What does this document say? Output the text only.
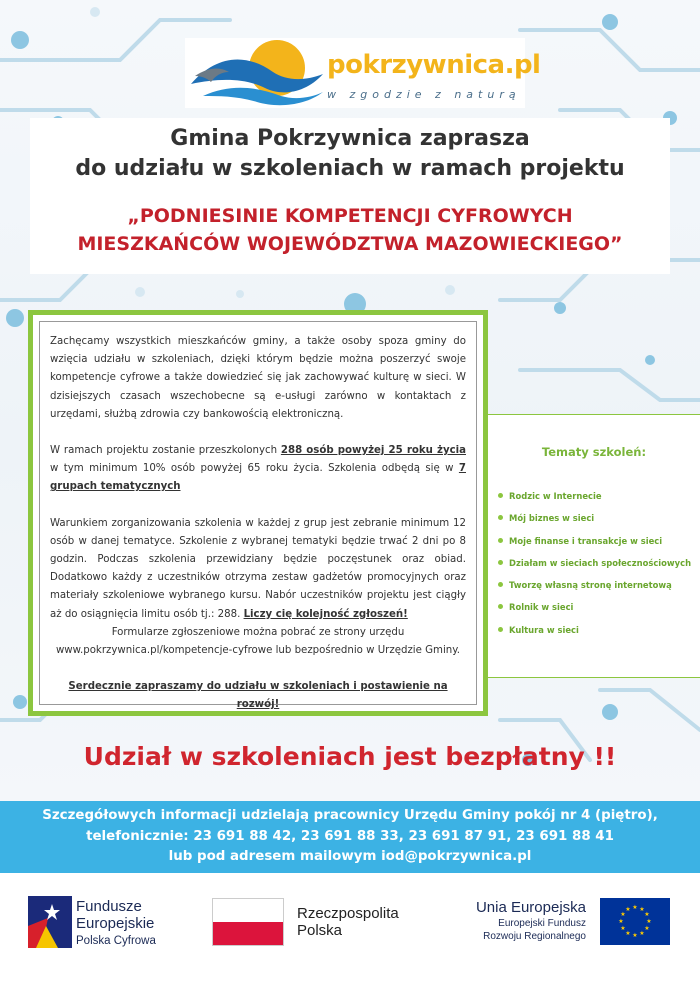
pokrzywnica.pl
w zgodzie z naturą
Gmina Pokrzywnica zaprasza
do udziału w szkoleniach w ramach projektu
„PODNIESINIE KOMPETENCJI CYFROWYCH
MIESZKAŃCÓW WOJEWÓDZTWA MAZOWIECKIEGO”

Zachęcamy wszystkich mieszkańców gminy, a także osoby spoza gminy do wzięcia udziału w szkoleniach, dzięki którym będzie można poszerzyć swoje kompetencje cyfrowe a także dowiedzieć się jak zachowywać kulturę w sieci. W dzisiejszych czasach wszechobecne są e-usługi zarówno w kontaktach z urzędami, służbą zdrowia czy bankowością elektroniczną.

W ramach projektu zostanie przeszkolonych 288 osób powyżej 25 roku życia w tym minimum 10% osób powyżej 65 roku życia. Szkolenia odbędą się w 7 grupach tematycznych

Warunkiem zorganizowania szkolenia w każdej z grup jest zebranie minimum 12 osób w danej tematyce. Szkolenie z wybranej tematyki będzie trwać 2 dni po 8 godzin. Podczas szkolenia przewidziany będzie poczęstunek oraz obiad. Dodatkowo każdy z uczestników otrzyma zestaw gadżetów promocyjnych oraz materiały szkoleniowe wybranego kursu. Nabór uczestników projektu jest ciągły aż do osiągnięcia limitu osób tj.: 288. Liczy cię kolejność zgłoszeń!

Formularze zgłoszeniowe można pobrać ze strony urzędu

www.pokrzywnica.pl/kompetencje-cyfrowe lub bezpośrednio w Urzędzie Gminy.

Serdecznie zapraszamy do udziału w szkoleniach i postawienie na rozwój!

Tematy szkoleń:
Rodzic w Internecie
Mój biznes w sieci
Moje finanse i transakcje w sieci
Działam w sieciach społecznościowych
Tworzę własną stronę internetową
Rolnik w sieci
Kultura w sieci
Udział w szkoleniach jest bezpłatny !!
Szczegółowych informacji udzielają pracownicy Urzędu Gminy pokój nr 4 (piętro),
telefonicznie: 23 691 88 42, 23 691 88 33, 23 691 87 91, 23 691 88 41
lub pod adresem mailowym iod@pokrzywnica.pl
Fundusze
Europejskie
Polska Cyfrowa
Rzeczpospolita
Polska
Unia Europejska
Europejski Fundusz
Rozwoju Regionalnego
★ ★
★
★
★
★
★
★
★
★
★
★
